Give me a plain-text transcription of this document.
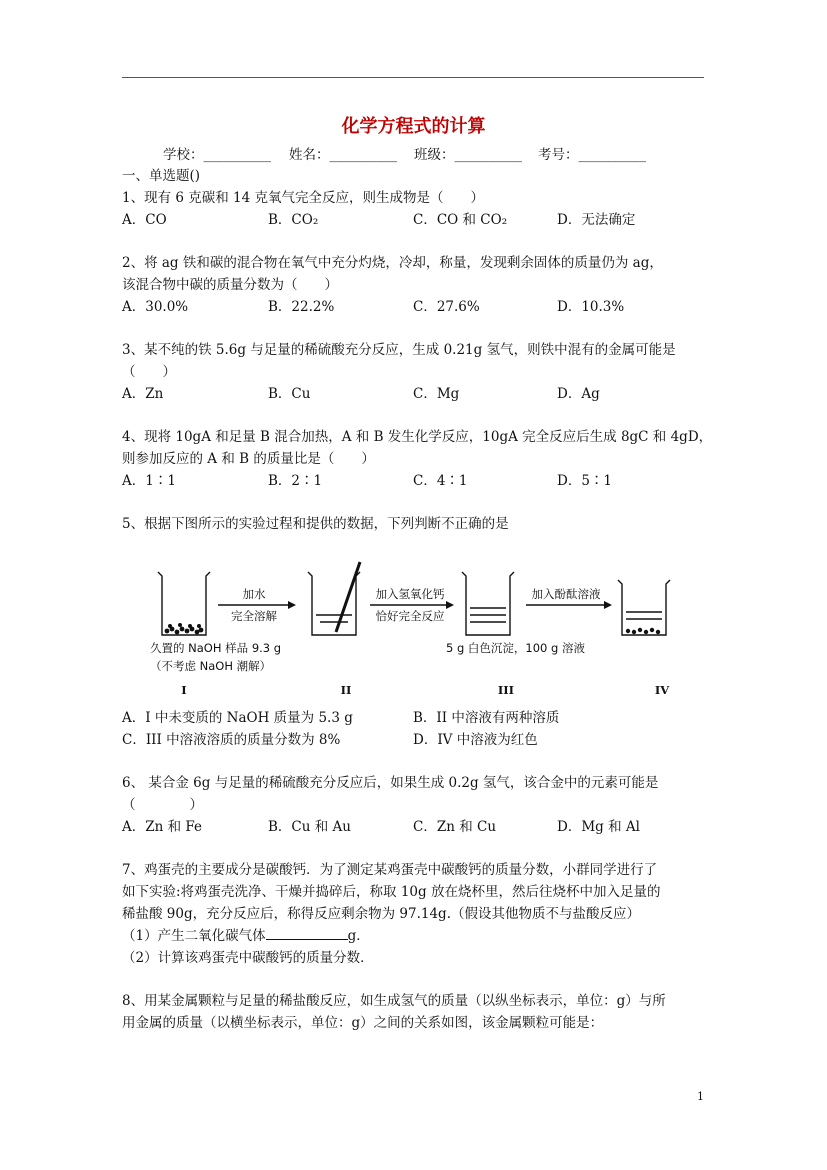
化学方程式的计算
学校：__________ 姓名：__________ 班级：__________ 考号：__________
一、单选题()
1、现有 6 克碳和 14 克氧气完全反应，则生成物是（　　）
A．CO	B．CO₂	C．CO 和 CO₂	D．无法确定
2、将 ag 铁和碳的混合物在氧气中充分灼烧，冷却，称量，发现剩余固体的质量仍为 ag，
该混合物中碳的质量分数为（　　）
A．30.0%	B．22.2%	C．27.6%	D．10.3%
3、某不纯的铁 5.6g 与足量的稀硫酸充分反应，生成 0.21g 氢气，则铁中混有的金属可能是
（　　）
A．Zn	B．Cu	C．Mg	D．Ag
4、现将 10gA 和足量 B 混合加热，A 和 B 发生化学反应，10gA 完全反应后生成 8gC 和 4gD，
则参加反应的 A 和 B 的质量比是（　　）
A．1∶1	B．2∶1	C．4∶1	D．5∶1
5、根据下图所示的实验过程和提供的数据，下列判断不正确的是
加水
完全溶解
加入氢氧化钙
恰好完全反应
加入酚酞溶液
久置的 NaOH 样品 9.3 g
（不考虑 NaOH 潮解）
5 g 白色沉淀，100 g 溶液
I	II	III	IV
A．I 中未变质的 NaOH 质量为 5.3 g	B．II 中溶液有两种溶质
C．III 中溶液溶质的质量分数为 8%	D．IV 中溶液为红色
6、 某合金 6g 与足量的稀硫酸充分反应后，如果生成 0.2g 氢气，该合金中的元素可能是
（　　　　）
A．Zn 和 Fe	B．Cu 和 Au	C．Zn 和 Cu	D．Mg 和 Al
7、鸡蛋壳的主要成分是碳酸钙．为了测定某鸡蛋壳中碳酸钙的质量分数，小群同学进行了
如下实验:将鸡蛋壳洗净、干燥并捣碎后，称取 10g 放在烧杯里，然后往烧杯中加入足量的
稀盐酸 90g，充分反应后，称得反应剩余物为 97.14g.（假设其他物质不与盐酸反应）
（1）产生二氧化碳气体	g．
（2）计算该鸡蛋壳中碳酸钙的质量分数．
8、用某金属颗粒与足量的稀盐酸反应，如生成氢气的质量（以纵坐标表示，单位：g）与所
用金属的质量（以横坐标表示，单位：g）之间的关系如图，该金属颗粒可能是：
1
